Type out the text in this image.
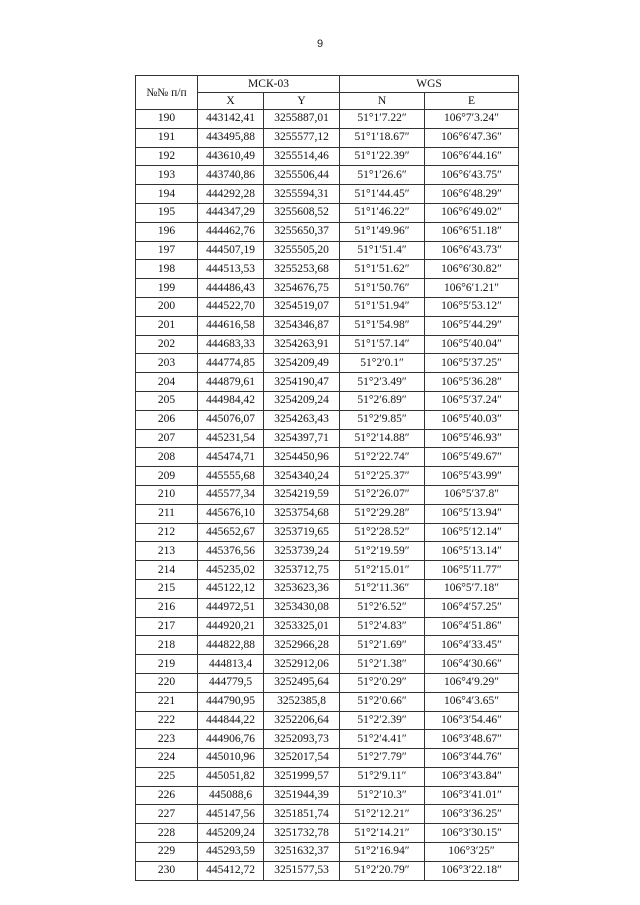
9
№№ п/п	МСК-03		WGS	
	X	Y	N	E
190	443142,41	3255887,01	51°1′7.22″	106°7′3.24″
191	443495,88	3255577,12	51°1′18.67″	106°6′47.36″
192	443610,49	3255514,46	51°1′22.39″	106°6′44.16″
193	443740,86	3255506,44	51°1′26.6″	106°6′43.75″
194	444292,28	3255594,31	51°1′44.45″	106°6′48.29″
195	444347,29	3255608,52	51°1′46.22″	106°6′49.02″
196	444462,76	3255650,37	51°1′49.96″	106°6′51.18″
197	444507,19	3255505,20	51°1′51.4″	106°6′43.73″
198	444513,53	3255253,68	51°1′51.62″	106°6′30.82″
199	444486,43	3254676,75	51°1′50.76″	106°6′1.21″
200	444522,70	3254519,07	51°1′51.94″	106°5′53.12″
201	444616,58	3254346,87	51°1′54.98″	106°5′44.29″
202	444683,33	3254263,91	51°1′57.14″	106°5′40.04″
203	444774,85	3254209,49	51°2′0.1″	106°5′37.25″
204	444879,61	3254190,47	51°2′3.49″	106°5′36.28″
205	444984,42	3254209,24	51°2′6.89″	106°5′37.24″
206	445076,07	3254263,43	51°2′9.85″	106°5′40.03″
207	445231,54	3254397,71	51°2′14.88″	106°5′46.93″
208	445474,71	3254450,96	51°2′22.74″	106°5′49.67″
209	445555,68	3254340,24	51°2′25.37″	106°5′43.99″
210	445577,34	3254219,59	51°2′26.07″	106°5′37.8″
211	445676,10	3253754,68	51°2′29.28″	106°5′13.94″
212	445652,67	3253719,65	51°2′28.52″	106°5′12.14″
213	445376,56	3253739,24	51°2′19.59″	106°5′13.14″
214	445235,02	3253712,75	51°2′15.01″	106°5′11.77″
215	445122,12	3253623,36	51°2′11.36″	106°5′7.18″
216	444972,51	3253430,08	51°2′6.52″	106°4′57.25″
217	444920,21	3253325,01	51°2′4.83″	106°4′51.86″
218	444822,88	3252966,28	51°2′1.69″	106°4′33.45″
219	444813,4	3252912,06	51°2′1.38″	106°4′30.66″
220	444779,5	3252495,64	51°2′0.29″	106°4′9.29″
221	444790,95	3252385,8	51°2′0.66″	106°4′3.65″
222	444844,22	3252206,64	51°2′2.39″	106°3′54.46″
223	444906,76	3252093,73	51°2′4.41″	106°3′48.67″
224	445010,96	3252017,54	51°2′7.79″	106°3′44.76″
225	445051,82	3251999,57	51°2′9.11″	106°3′43.84″
226	445088,6	3251944,39	51°2′10.3″	106°3′41.01″
227	445147,56	3251851,74	51°2′12.21″	106°3′36.25″
228	445209,24	3251732,78	51°2′14.21″	106°3′30.15″
229	445293,59	3251632,37	51°2′16.94″	106°3′25″
230	445412,72	3251577,53	51°2′20.79″	106°3′22.18″
